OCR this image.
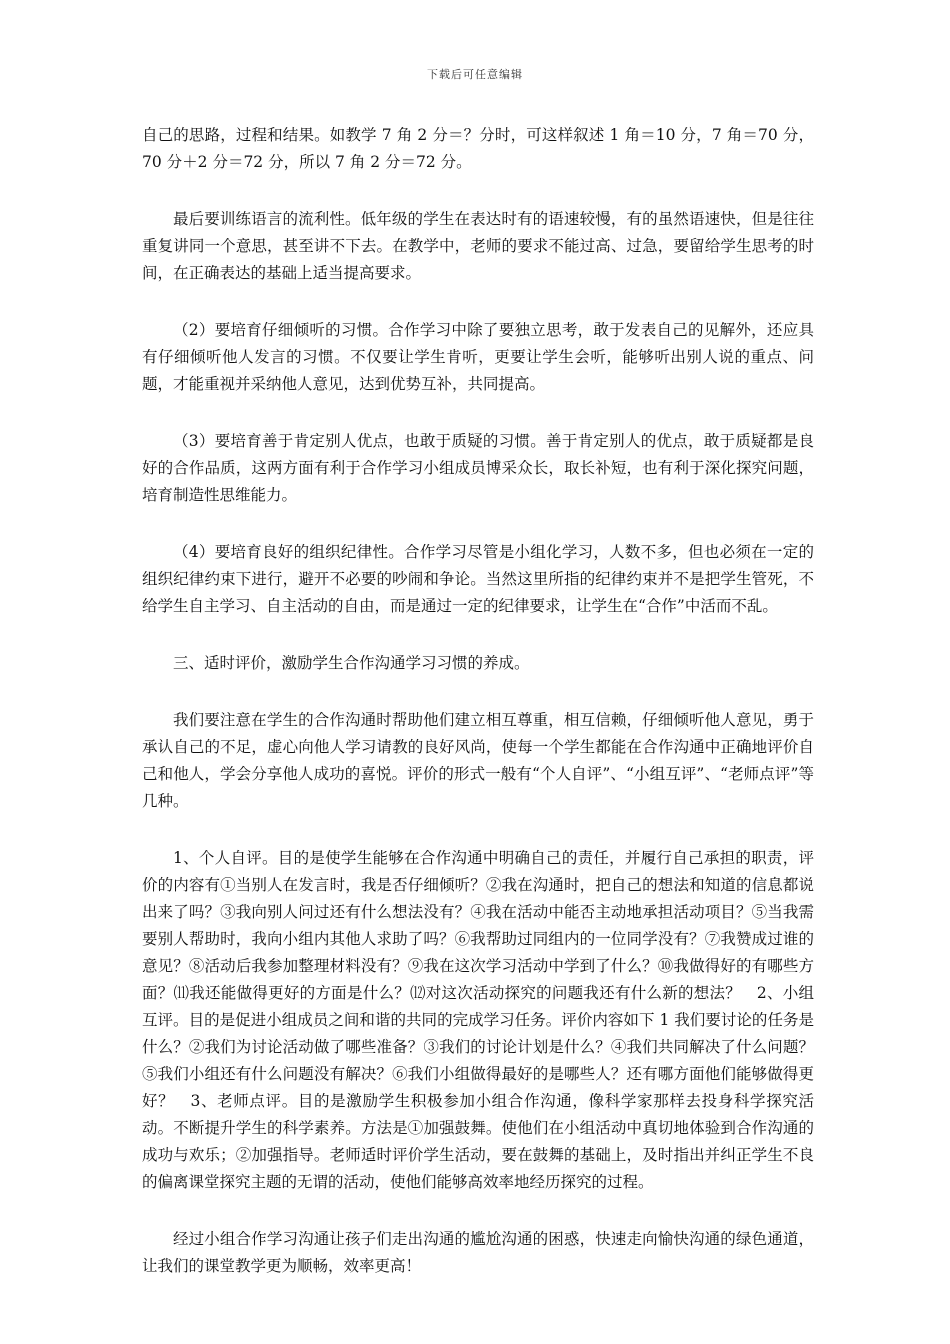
下载后可任意编辑

自己的思路，过程和结果。如教学 7 角 2 分＝？分时，可这样叙述 1 角＝10 分，7 角＝70 分，70 分＋2 分＝72 分，所以 7 角 2 分＝72 分。

最后要训练语言的流利性。低年级的学生在表达时有的语速较慢，有的虽然语速快，但是往往重复讲同一个意思，甚至讲不下去。在教学中，老师的要求不能过高、过急，要留给学生思考的时间，在正确表达的基础上适当提高要求。

（2）要培育仔细倾听的习惯。合作学习中除了要独立思考，敢于发表自己的见解外，还应具有仔细倾听他人发言的习惯。不仅要让学生肯听，更要让学生会听，能够听出别人说的重点、问题，才能重视并采纳他人意见，达到优势互补，共同提高。

（3）要培育善于肯定别人优点，也敢于质疑的习惯。善于肯定别人的优点，敢于质疑都是良好的合作品质，这两方面有利于合作学习小组成员博采众长，取长补短，也有利于深化探究问题，培育制造性思维能力。

（4）要培育良好的组织纪律性。合作学习尽管是小组化学习，人数不多，但也必须在一定的组织纪律约束下进行，避开不必要的吵闹和争论。当然这里所指的纪律约束并不是把学生管死，不给学生自主学习、自主活动的自由，而是通过一定的纪律要求，让学生在“合作”中活而不乱。

三、适时评价，激励学生合作沟通学习习惯的养成。

我们要注意在学生的合作沟通时帮助他们建立相互尊重，相互信赖，仔细倾听他人意见，勇于承认自己的不足，虚心向他人学习请教的良好风尚，使每一个学生都能在合作沟通中正确地评价自己和他人，学会分享他人成功的喜悦。评价的形式一般有“个人自评”、“小组互评”、“老师点评”等几种。

1、个人自评。目的是使学生能够在合作沟通中明确自己的责任，并履行自己承担的职责，评价的内容有①当别人在发言时，我是否仔细倾听？②我在沟通时，把自己的想法和知道的信息都说出来了吗？③我向别人问过还有什么想法没有？④我在活动中能否主动地承担活动项目？⑤当我需要别人帮助时，我向小组内其他人求助了吗？⑥我帮助过同组内的一位同学没有？⑦我赞成过谁的意见？⑧活动后我参加整理材料没有？⑨我在这次学习活动中学到了什么？⑩我做得好的有哪些方面？⑾我还能做得更好的方面是什么？⑿对这次活动探究的问题我还有什么新的想法？　2、小组互评。目的是促进小组成员之间和谐的共同的完成学习任务。评价内容如下 1 我们要讨论的任务是什么？②我们为讨论活动做了哪些准备？③我们的讨论计划是什么？④我们共同解决了什么问题？⑤我们小组还有什么问题没有解决？⑥我们小组做得最好的是哪些人？还有哪方面他们能够做得更好？　3、老师点评。目的是激励学生积极参加小组合作沟通，像科学家那样去投身科学探究活动。不断提升学生的科学素养。方法是①加强鼓舞。使他们在小组活动中真切地体验到合作沟通的成功与欢乐；②加强指导。老师适时评价学生活动，要在鼓舞的基础上，及时指出并纠正学生不良的偏离课堂探究主题的无谓的活动，使他们能够高效率地经历探究的过程。

经过小组合作学习沟通让孩子们走出沟通的尴尬沟通的困惑，快速走向愉快沟通的绿色通道，让我们的课堂教学更为顺畅，效率更高！
